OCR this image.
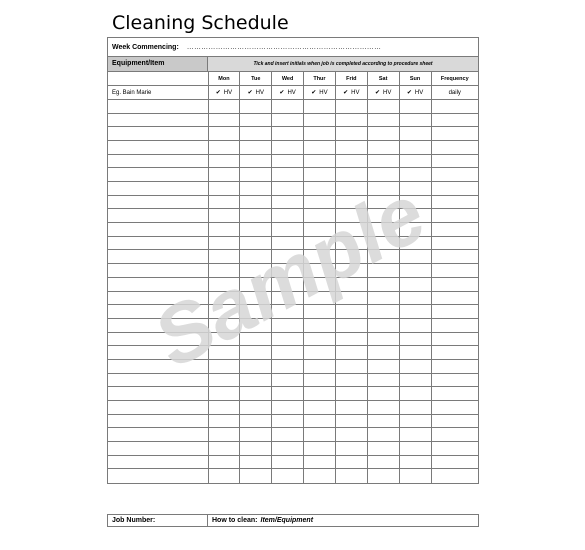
Cleaning Schedule
Week Commencing: ………………………………………………………………………
Equipment/Item	Tick and insert initials when job is completed according to procedure sheet
	Mon	Tue	Wed	Thur	Frid	Sat	Sun	Frequency
Eg. Bain Marie	✔ HV	✔ HV	✔ HV	✔ HV	✔ HV	✔ HV	✔ HV	daily

Job Number:	How to clean: Item/Equipment
Sample
